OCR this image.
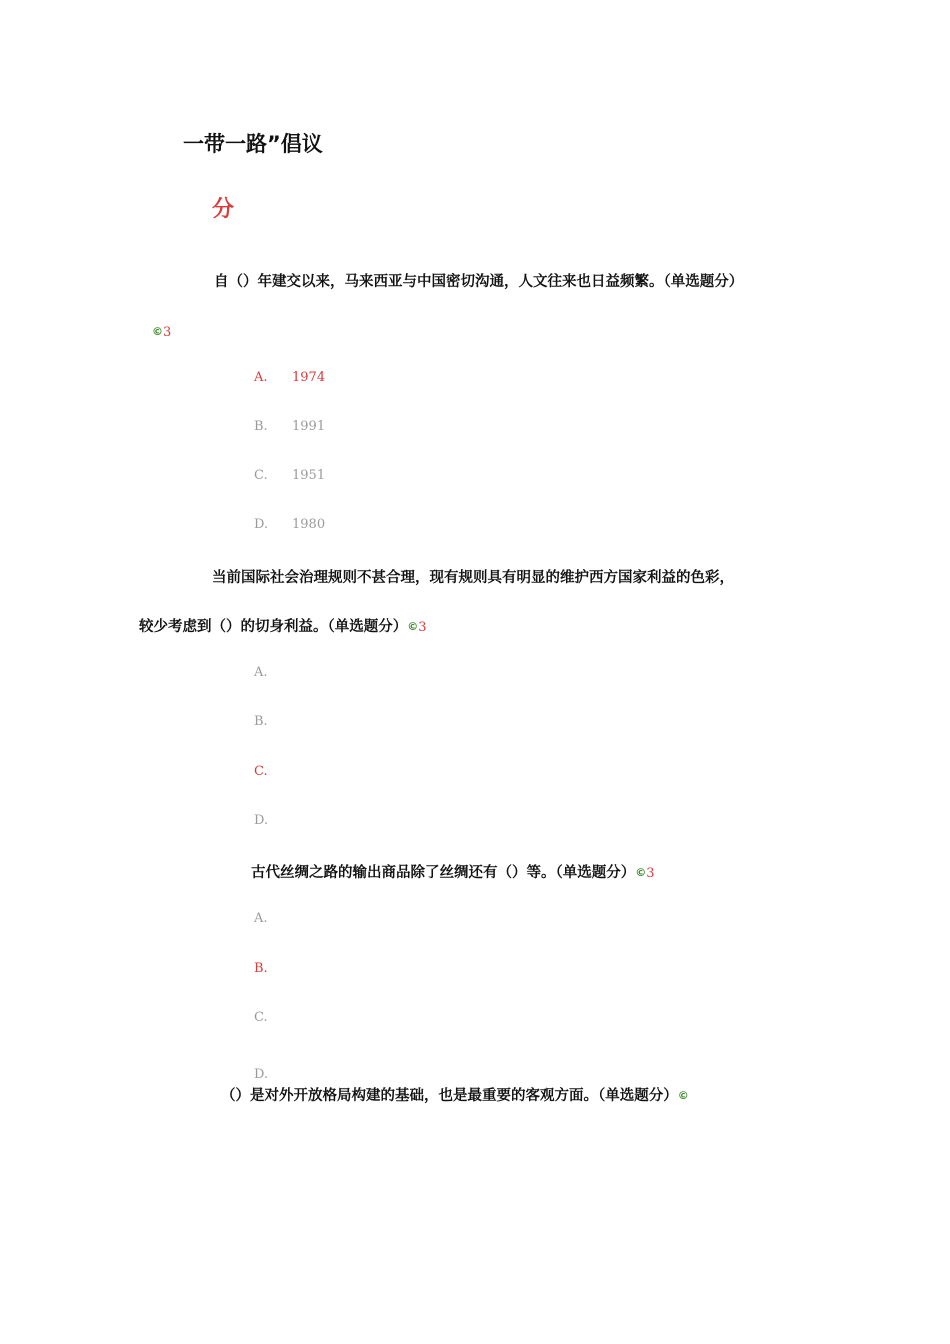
一带一路”倡议
分
自（）年建交以来，马来西亚与中国密切沟通，人文往来也日益频繁。（单选题分）
©3
A. 1974
B. 1991
C. 1951
D. 1980
当前国际社会治理规则不甚合理，现有规则具有明显的维护西方国家利益的色彩，
较少考虑到（）的切身利益。（单选题分）©3
A.
B.
C.
D.
古代丝绸之路的输出商品除了丝绸还有（）等。（单选题分）©3
A.
B.
C.
D.
（）是对外开放格局构建的基础，也是最重要的客观方面。（单选题分）©
